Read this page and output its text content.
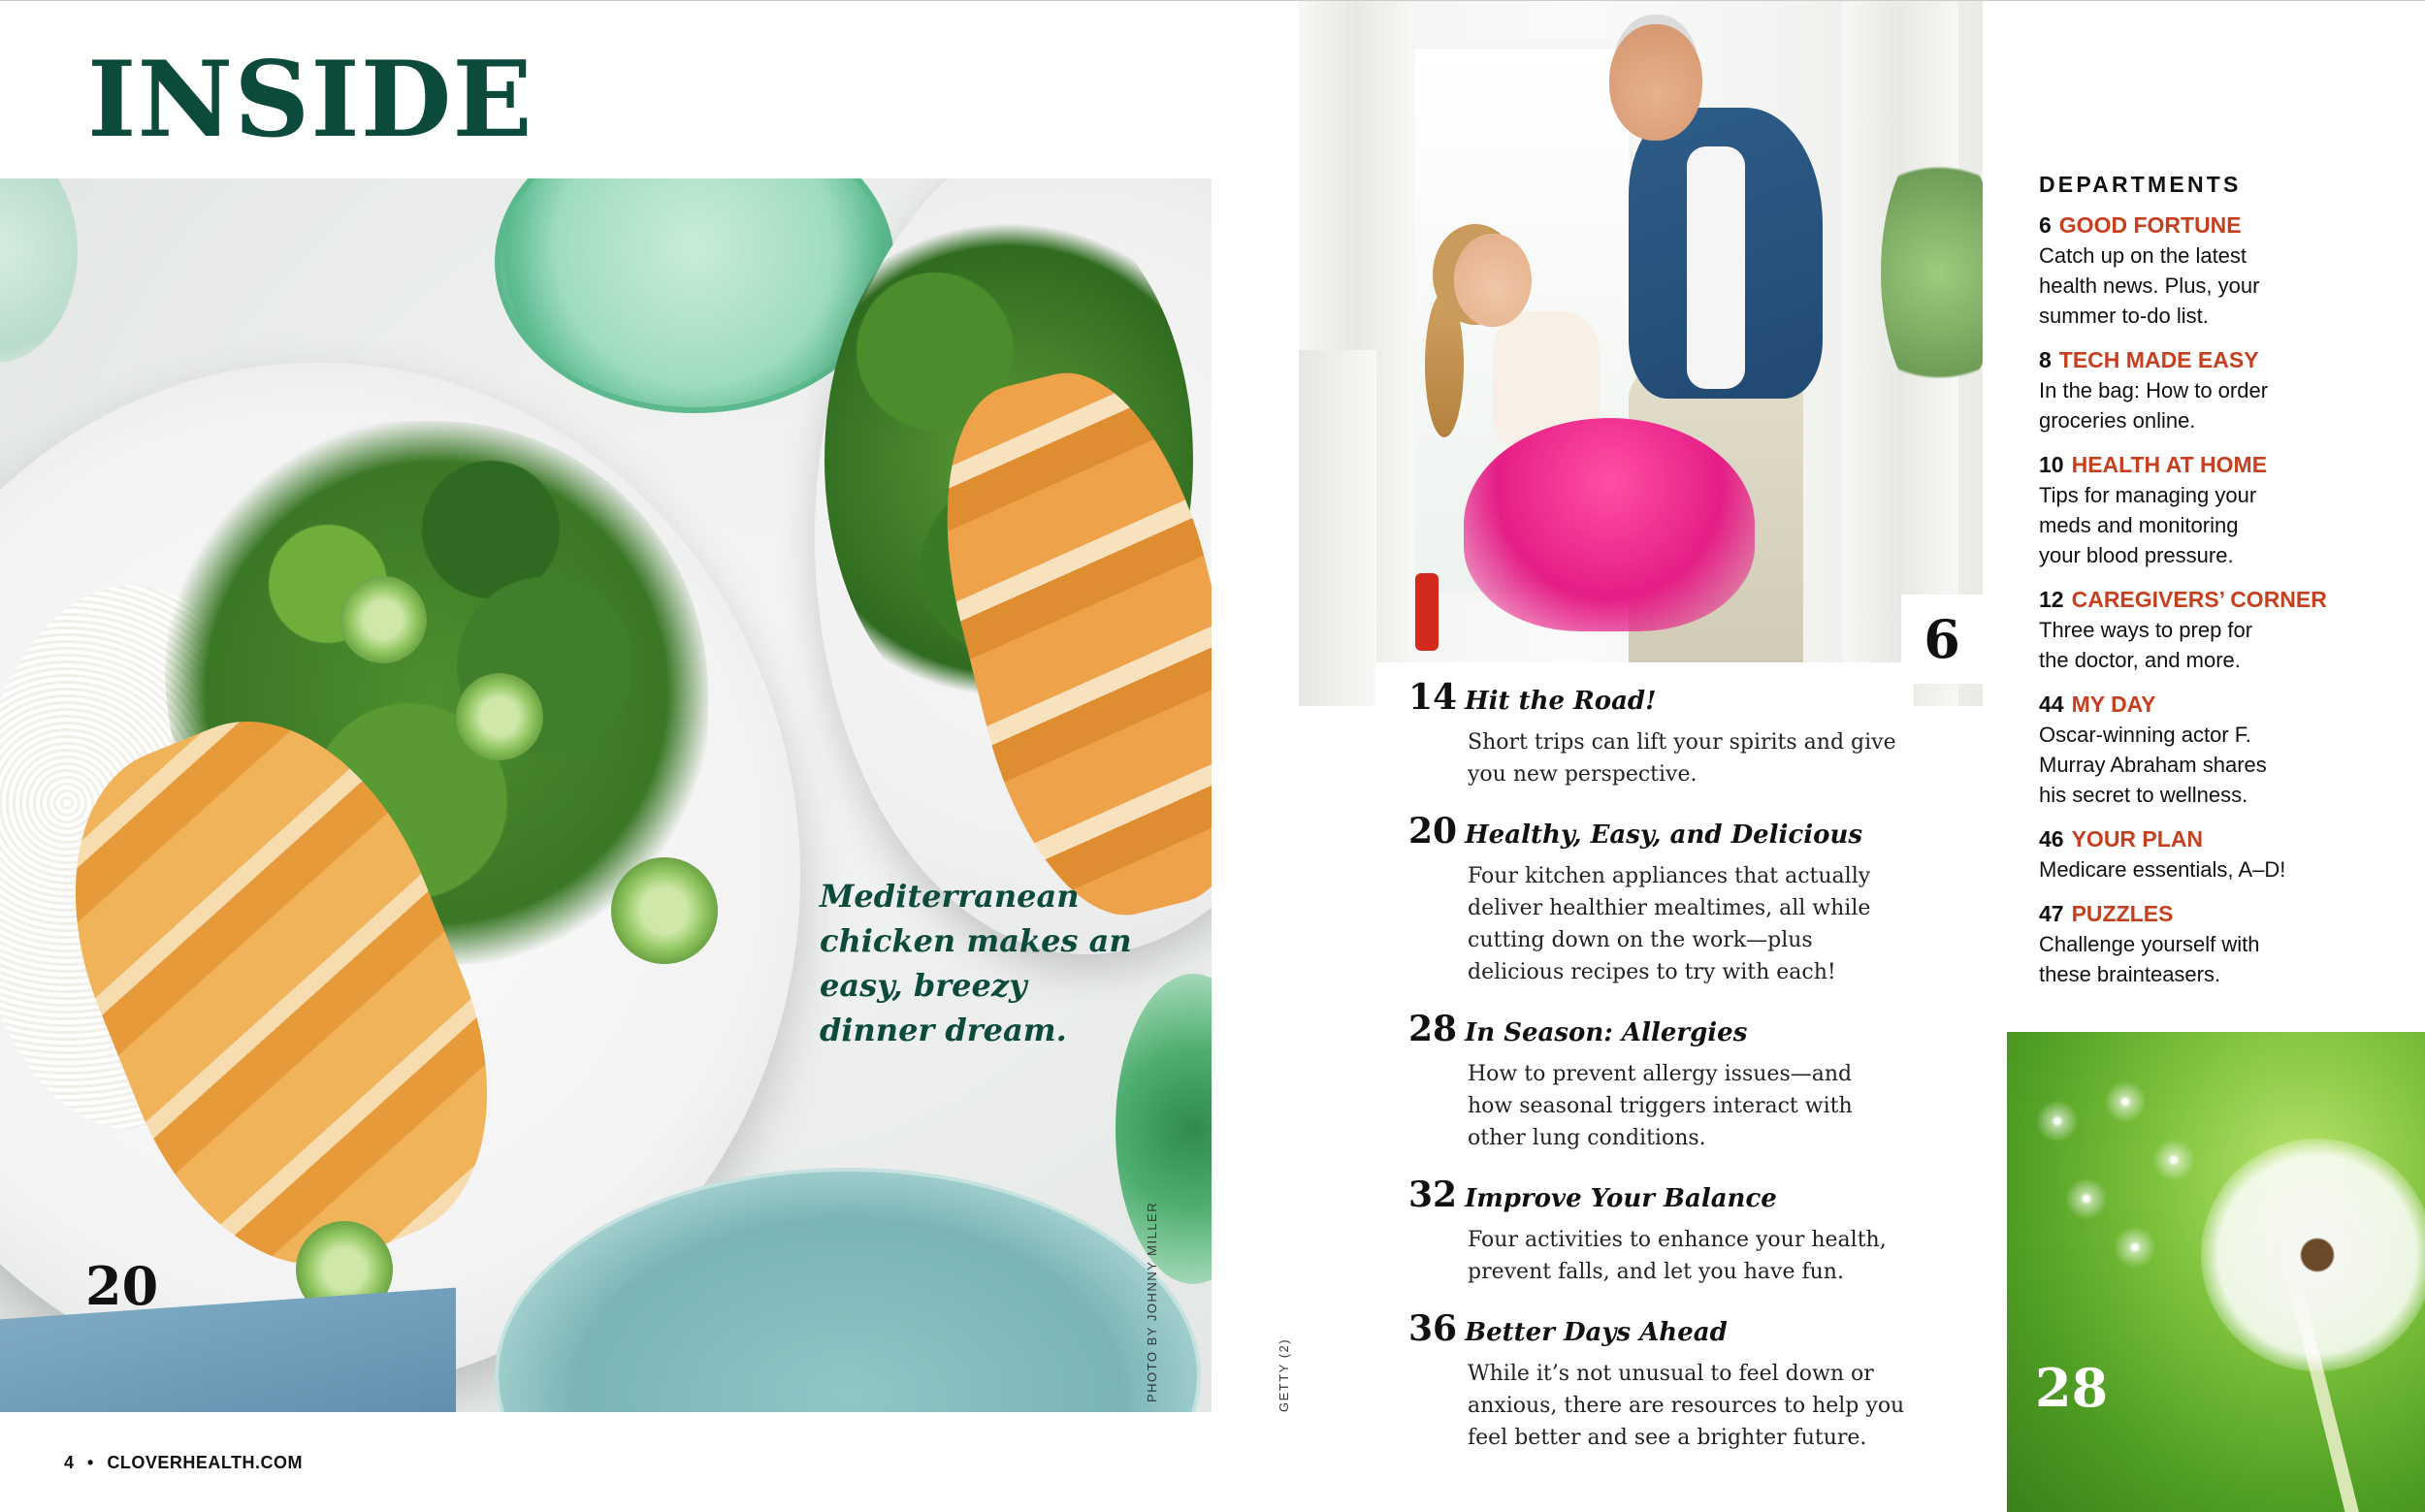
INSIDE

Mediterranean
chicken makes an
easy, breezy
dinner dream.

20	PHOTO BY JOHNNY MILLER	GETTY (2)
4 • CLOVERHEALTH.COM
6
14 Hit the Road!

Short trips can lift your spirits and give
you new perspective.

20 Healthy, Easy, and Delicious

Four kitchen appliances that actually
deliver healthier mealtimes, all while
cutting down on the work—plus
delicious recipes to try with each!

28 In Season: Allergies

How to prevent allergy issues—and
how seasonal triggers interact with
other lung conditions.

32 Improve Your Balance

Four activities to enhance your health,
prevent falls, and let you have fun.

36 Better Days Ahead

While it’s not unusual to feel down or
anxious, there are resources to help you
feel better and see a brighter future.

DEPARTMENTS
6 GOOD FORTUNE

Catch up on the latest
health news. Plus, your
summer to-do list.

8 TECH MADE EASY

In the bag: How to order
groceries online.

10 HEALTH AT HOME

Tips for managing your
meds and monitoring
your blood pressure.

12 CAREGIVERS’ CORNER

Three ways to prep for
the doctor, and more.

44 MY DAY

Oscar-winning actor F.
Murray Abraham shares
his secret to wellness.

46 YOUR PLAN

Medicare essentials, A–D!

47 PUZZLES

Challenge yourself with
these brainteasers.

28
